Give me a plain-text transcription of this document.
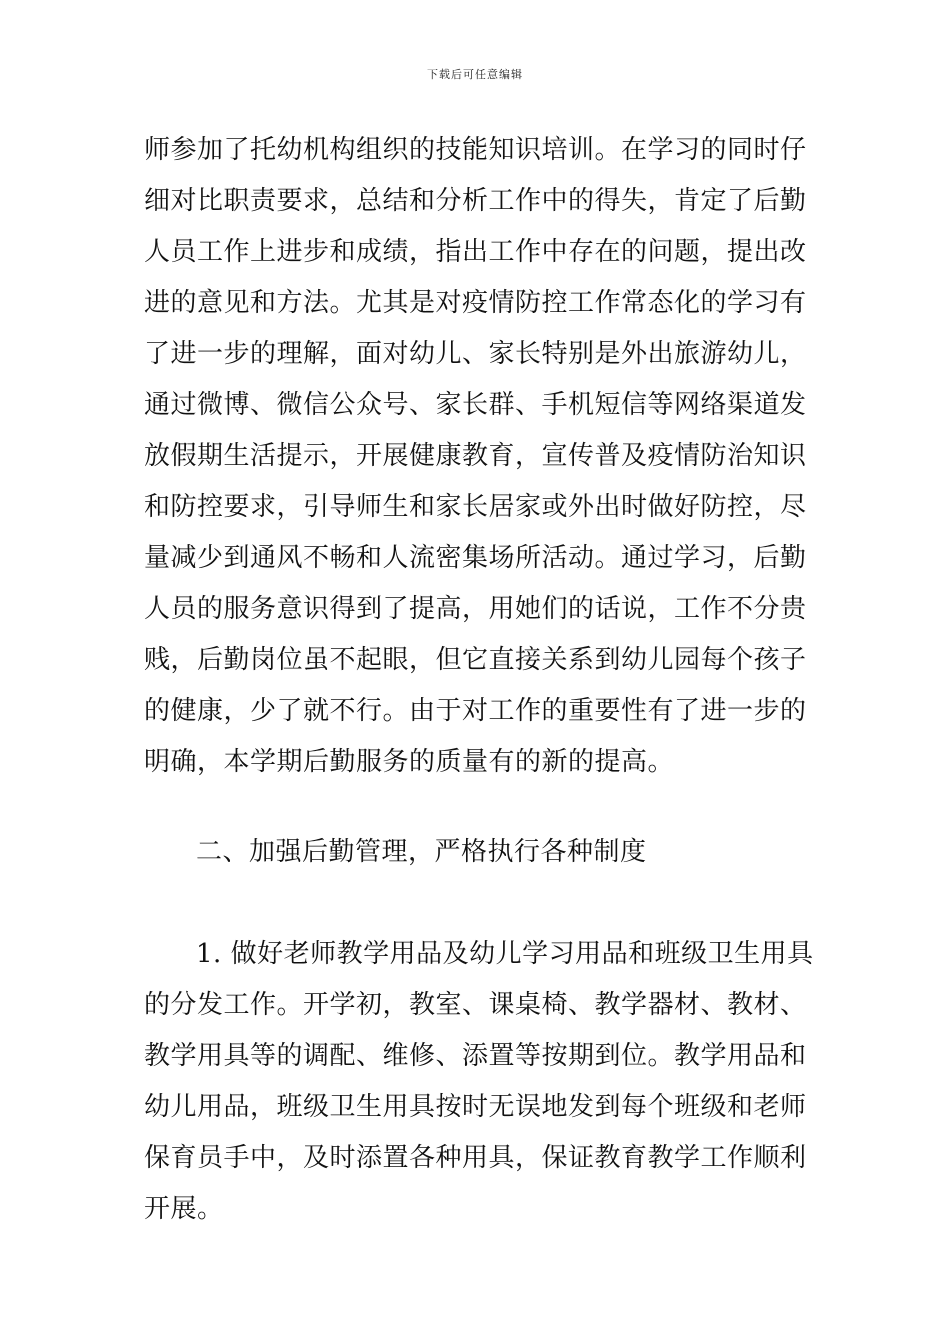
下载后可任意编辑
师参加了托幼机构组织的技能知识培训。在学习的同时仔
细对比职责要求，总结和分析工作中的得失，肯定了后勤
人员工作上进步和成绩，指出工作中存在的问题，提出改
进的意见和方法。尤其是对疫情防控工作常态化的学习有
了进一步的理解，面对幼儿、家长特别是外出旅游幼儿，
通过微博、微信公众号、家长群、手机短信等网络渠道发
放假期生活提示，开展健康教育，宣传普及疫情防治知识
和防控要求，引导师生和家长居家或外出时做好防控，尽
量减少到通风不畅和人流密集场所活动。通过学习，后勤
人员的服务意识得到了提高，用她们的话说，工作不分贵
贱，后勤岗位虽不起眼，但它直接关系到幼儿园每个孩子
的健康，少了就不行。由于对工作的重要性有了进一步的
明确，本学期后勤服务的质量有的新的提高。
二、加强后勤管理，严格执行各种制度
1. 做好老师教学用品及幼儿学习用品和班级卫生用具
的分发工作。开学初，教室、课桌椅、教学器材、教材、
教学用具等的调配、维修、添置等按期到位。教学用品和
幼儿用品，班级卫生用具按时无误地发到每个班级和老师
保育员手中，及时添置各种用具，保证教育教学工作顺利
开展。
